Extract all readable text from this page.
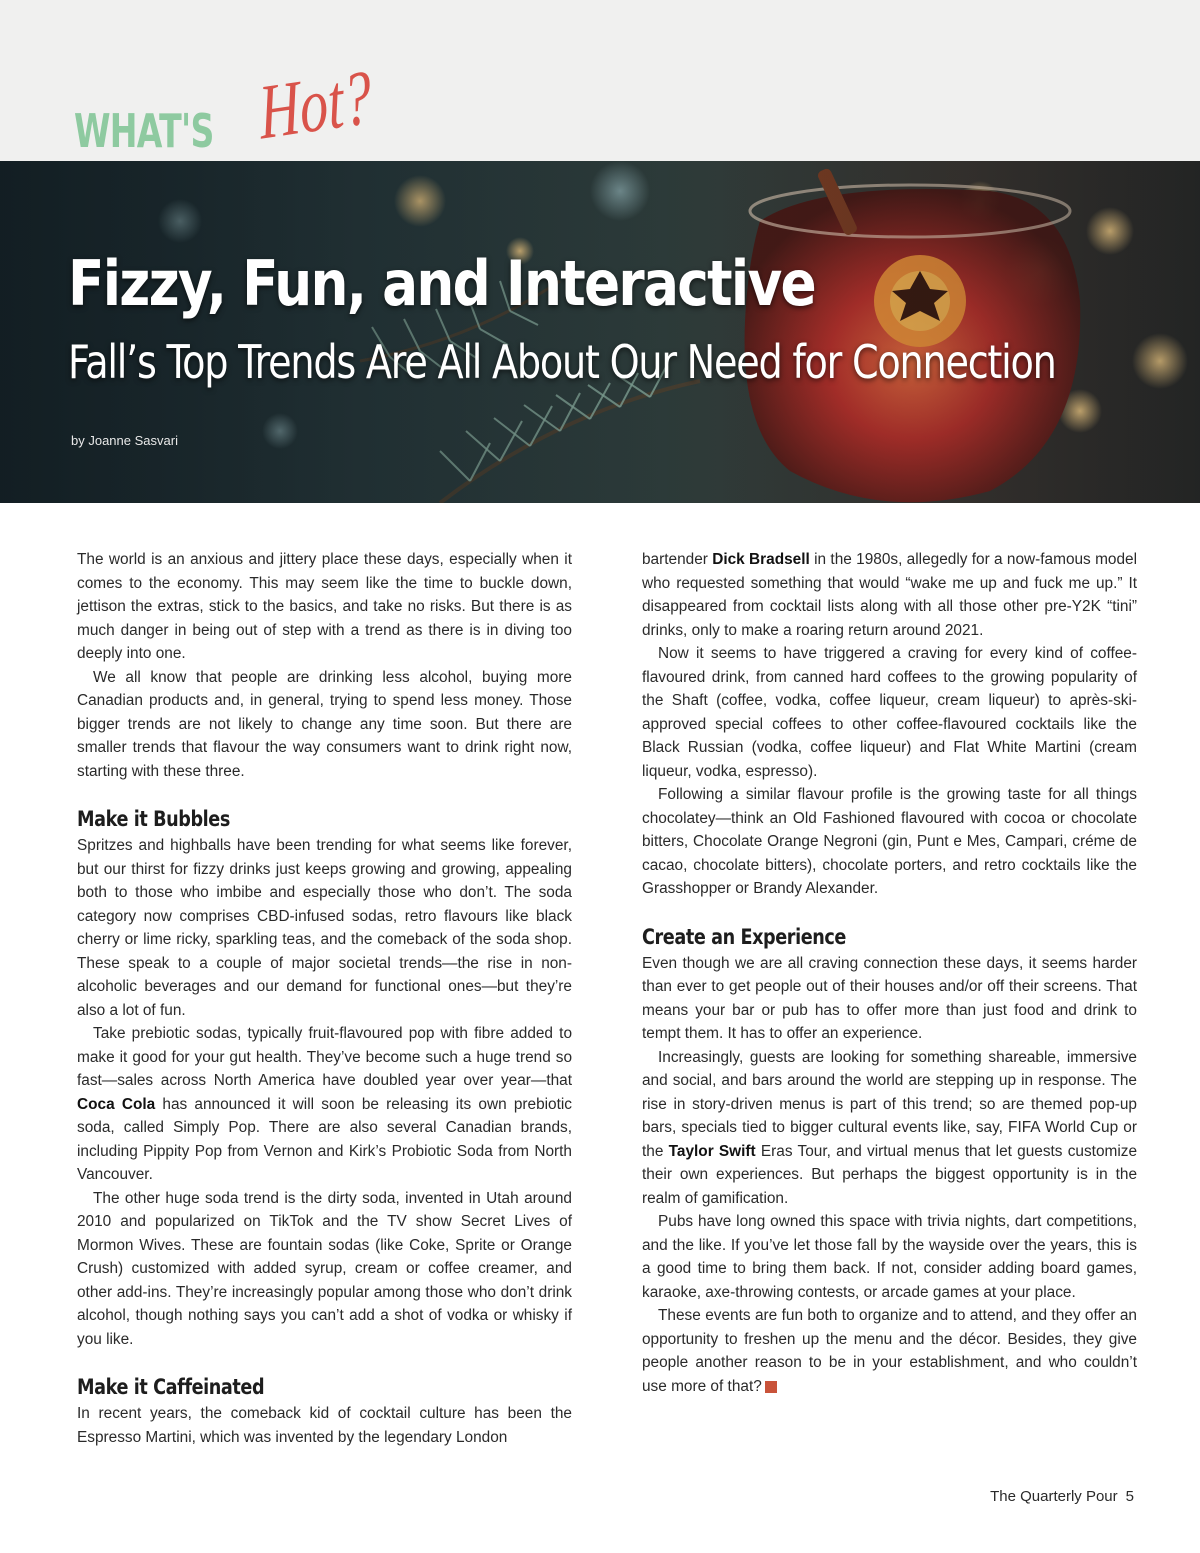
WHAT'S Hot?
Fizzy, Fun, and Interactive
Fall’s Top Trends Are All About Our Need for Connection
by Joanne Sasvari

The world is an anxious and jittery place these days, especially when it comes to the economy. This may seem like the time to buckle down, jettison the extras, stick to the basics, and take no risks. But there is as much danger in being out of step with a trend as there is in diving too deeply into one.

We all know that people are drinking less alcohol, buying more Canadian products and, in general, trying to spend less money. Those bigger trends are not likely to change any time soon. But there are smaller trends that flavour the way consumers want to drink right now, starting with these three.

Make it Bubbles

Spritzes and highballs have been trending for what seems like forever, but our thirst for fizzy drinks just keeps growing and growing, appealing both to those who imbibe and especially those who don’t. The soda category now comprises CBD-infused sodas, retro flavours like black cherry or lime ricky, sparkling teas, and the comeback of the soda shop. These speak to a couple of major societal trends—the rise in non-alcoholic beverages and our demand for functional ones—but they’re also a lot of fun.

Take prebiotic sodas, typically fruit-flavoured pop with fibre added to make it good for your gut health. They’ve become such a huge trend so fast—sales across North America have doubled year over year—that Coca Cola has announced it will soon be releasing its own prebiotic soda, called Simply Pop. There are also several Canadian brands, including Pippity Pop from Vernon and Kirk’s Probiotic Soda from North Vancouver.

The other huge soda trend is the dirty soda, invented in Utah around 2010 and popularized on TikTok and the TV show Secret Lives of Mormon Wives. These are fountain sodas (like Coke, Sprite or Orange Crush) customized with added syrup, cream or coffee creamer, and other add-ins. They’re increasingly popular among those who don’t drink alcohol, though nothing says you can’t add a shot of vodka or whisky if you like.

Make it Caffeinated

In recent years, the comeback kid of cocktail culture has been the Espresso Martini, which was invented by the legendary London

bartender Dick Bradsell in the 1980s, allegedly for a now-famous model who requested something that would “wake me up and fuck me up.” It disappeared from cocktail lists along with all those other pre-Y2K “tini” drinks, only to make a roaring return around 2021.

Now it seems to have triggered a craving for every kind of coffee-flavoured drink, from canned hard coffees to the growing popularity of the Shaft (coffee, vodka, coffee liqueur, cream liqueur) to après-ski-approved special coffees to other coffee-flavoured cocktails like the Black Russian (vodka, coffee liqueur) and Flat White Martini (cream liqueur, vodka, espresso).

Following a similar flavour profile is the growing taste for all things chocolatey—think an Old Fashioned flavoured with cocoa or chocolate bitters, Chocolate Orange Negroni (gin, Punt e Mes, Campari, créme de cacao, chocolate bitters), chocolate porters, and retro cocktails like the Grasshopper or Brandy Alexander.

Create an Experience

Even though we are all craving connection these days, it seems harder than ever to get people out of their houses and/or off their screens. That means your bar or pub has to offer more than just food and drink to tempt them. It has to offer an experience.

Increasingly, guests are looking for something shareable, immersive and social, and bars around the world are stepping up in response. The rise in story-driven menus is part of this trend; so are themed pop-up bars, specials tied to bigger cultural events like, say, FIFA World Cup or the Taylor Swift Eras Tour, and virtual menus that let guests customize their own experiences. But perhaps the biggest opportunity is in the realm of gamification.

Pubs have long owned this space with trivia nights, dart competitions, and the like. If you’ve let those fall by the wayside over the years, this is a good time to bring them back. If not, consider adding board games, karaoke, axe-throwing contests, or arcade games at your place.

These events are fun both to organize and to attend, and they offer an opportunity to freshen up the menu and the décor. Besides, they give people another reason to be in your establishment, and who couldn’t use more of that? P

The Quarterly Pour 5
